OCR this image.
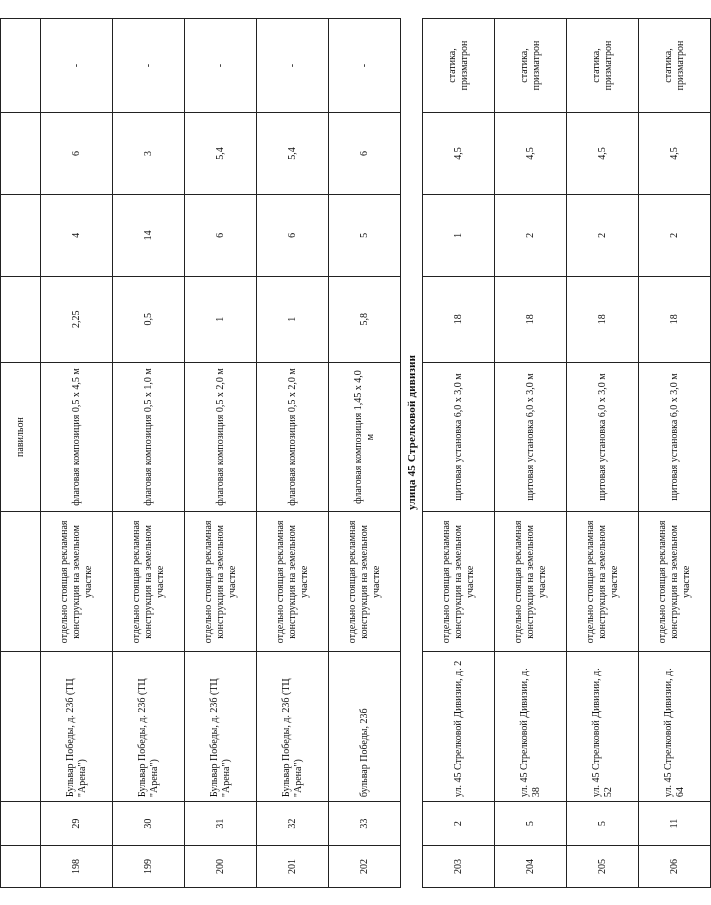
				павильон				
198	29	Бульвар Победы, д. 23б (ТЦ "Арена")	отдельно стоящая рекламная конструкция на земельном участке	флаговая композиция 0,5 х 4,5 м	2,25	4	6	-
199	30	Бульвар Победы, д. 23б (ТЦ "Арена")	отдельно стоящая рекламная конструкция на земельном участке	флаговая композиция 0,5 х 1,0 м	0,5	14	3	-
200	31	Бульвар Победы, д. 23б (ТЦ "Арена")	отдельно стоящая рекламная конструкция на земельном участке	флаговая композиция 0,5 х 2,0 м	1	6	5,4	-
201	32	Бульвар Победы, д. 23б (ТЦ "Арена")	отдельно стоящая рекламная конструкция на земельном участке	флаговая композиция 0,5 х 2,0 м	1	6	5,4	-
202	33	бульвар Победы, 23б	отдельно стоящая рекламная конструкция на земельном участке	флаговая композиция 1,45 х 4,0 м	5,8	5	6	-
				улица 45 Стрелковой дивизии				
203	2	ул. 45 Стрелковой Дивизии, д. 2	отдельно стоящая рекламная конструкция на земельном участке	щитовая установка 6,0 х 3,0 м	18	1	4,5	статика, призматрон
204	5	ул. 45 Стрелковой Дивизии, д. 38	отдельно стоящая рекламная конструкция на земельном участке	щитовая установка 6,0 х 3,0 м	18	2	4,5	статика, призматрон
205	5	ул. 45 Стрелковой Дивизии, д. 52	отдельно стоящая рекламная конструкция на земельном участке	щитовая установка 6,0 х 3,0 м	18	2	4,5	статика, призматрон
206	11	ул. 45 Стрелковой Дивизии, д. 64	отдельно стоящая рекламная конструкция на земельном участке	щитовая установка 6,0 х 3,0 м	18	2	4,5	статика, призматрон
